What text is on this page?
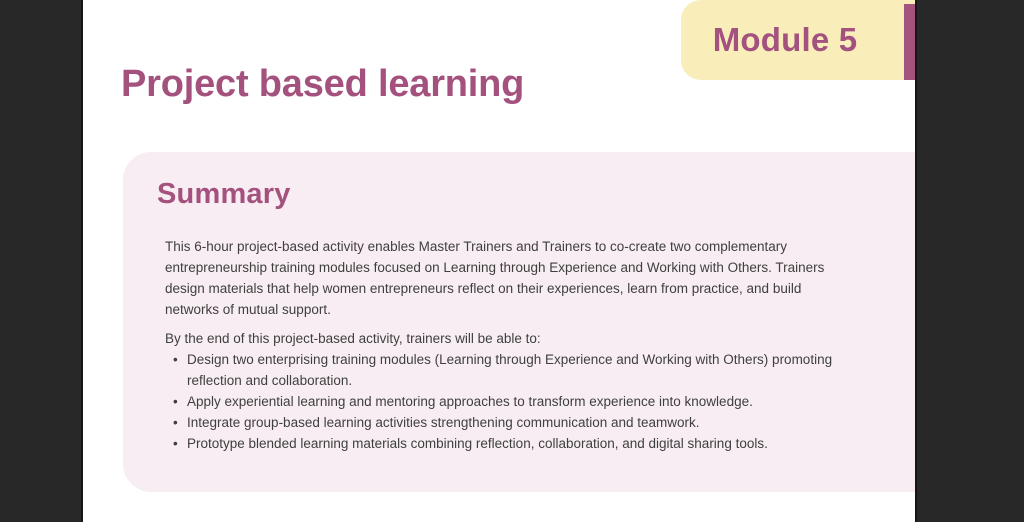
Module 5
Project based learning
Summary

This 6-hour project-based activity enables Master Trainers and Trainers to co-create two complementary entrepreneurship training modules focused on Learning through Experience and Working with Others. Trainers design materials that help women entrepreneurs reflect on their experiences, learn from practice, and build networks of mutual support.

By the end of this project-based activity, trainers will be able to:

• Design two enterprising training modules (Learning through Experience and Working with Others) promoting reflection and collaboration.
• Apply experiential learning and mentoring approaches to transform experience into knowledge.
• Integrate group-based learning activities strengthening communication and teamwork.
• Prototype blended learning materials combining reflection, collaboration, and digital sharing tools.
